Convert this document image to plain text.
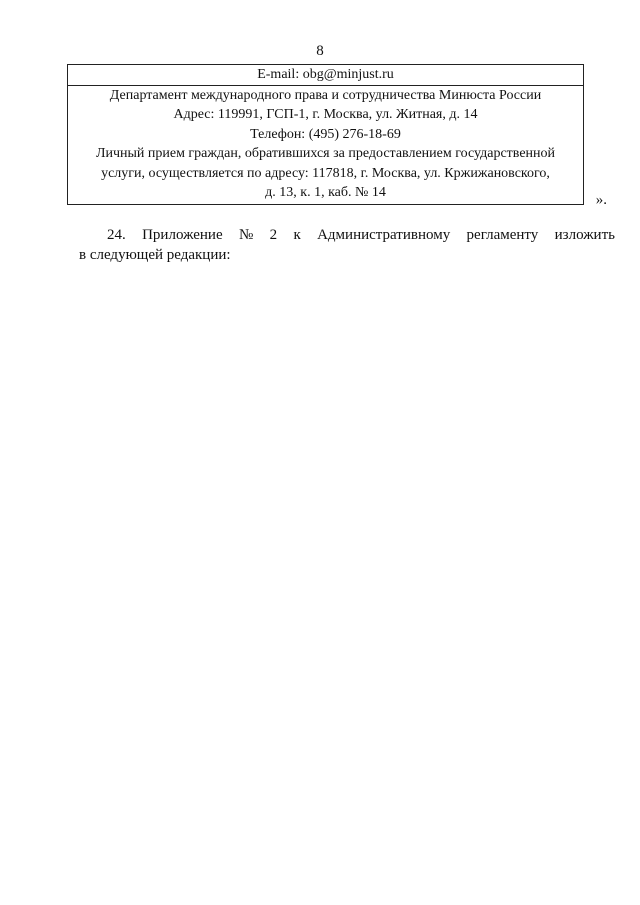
8
E-mail: obg@minjust.ru
Департамент международного права и сотрудничества Минюста России
Адрес: 119991, ГСП-1, г. Москва, ул. Житная, д. 14
Телефон: (495) 276-18-69
Личный прием граждан, обратившихся за предоставлением государственной
услуги, осуществляется по адресу: 117818, г. Москва, ул. Кржижановского,
д. 13, к. 1, каб. № 14	».
24. Приложение № 2 к Административному регламенту изложить
в следующей редакции:
